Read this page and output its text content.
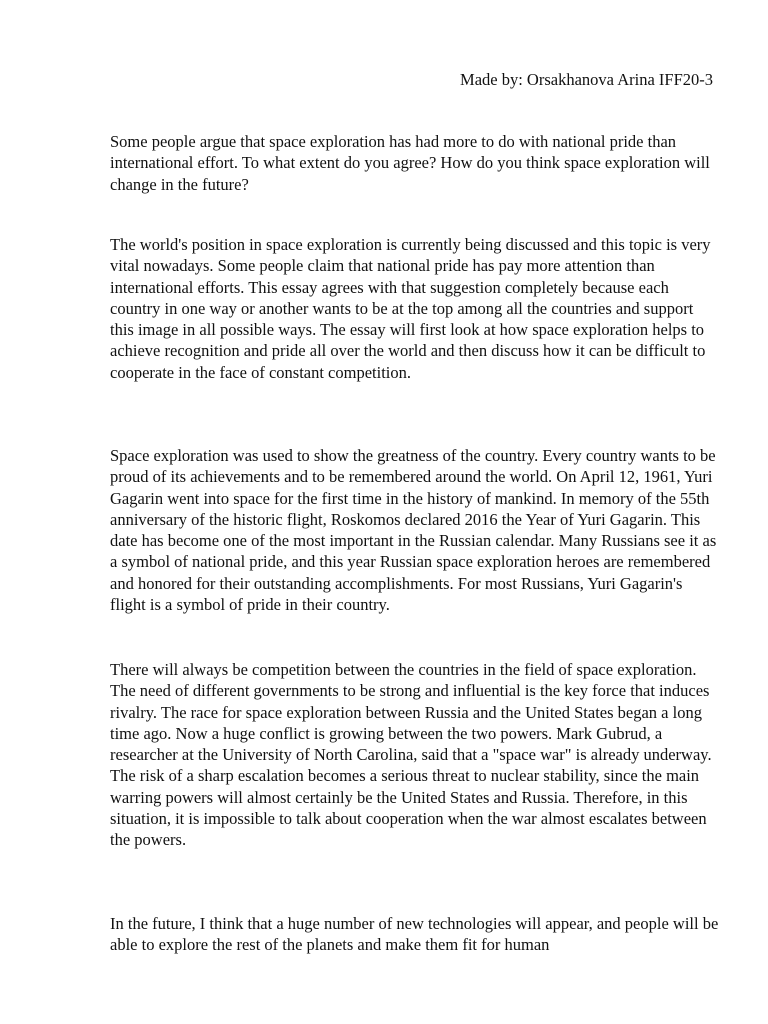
Made by: Orsakhanova Arina IFF20-3

Some people argue that space exploration has had more to do with national pride than international effort. To what extent do you agree? How do you think space exploration will change in the future?

The world's position in space exploration is currently being discussed and this topic is very vital nowadays. Some people claim that national pride has pay more attention than international efforts. This essay agrees with that suggestion completely because each country in one way or another wants to be at the top among all the countries and support this image in all possible ways. The essay will first look at how space exploration helps to achieve recognition and pride all over the world and then discuss how it can be difficult to cooperate in the face of constant competition.

Space exploration was used to show the greatness of the country. Every country wants to be proud of its achievements and to be remembered around the world. On April 12, 1961, Yuri Gagarin went into space for the first time in the history of mankind. In memory of the 55th anniversary of the historic flight, Roskomos declared 2016 the Year of Yuri Gagarin. This date has become one of the most important in the Russian calendar. Many Russians see it as a symbol of national pride, and this year Russian space exploration heroes are remembered and honored for their outstanding accomplishments. For most Russians, Yuri Gagarin's flight is a symbol of pride in their country.

There will always be competition between the countries in the field of space exploration. The need of different governments to be strong and influential is the key force that induces rivalry. The race for space exploration between Russia and the United States began a long time ago. Now a huge conflict is growing between the two powers. Mark Gubrud, a researcher at the University of North Carolina, said that a "space war" is already underway. The risk of a sharp escalation becomes a serious threat to nuclear stability, since the main warring powers will almost certainly be the United States and Russia. Therefore, in this situation, it is impossible to talk about cooperation when the war almost escalates between the powers.

In the future, I think that a huge number of new technologies will appear, and people will be able to explore the rest of the planets and make them fit for human
